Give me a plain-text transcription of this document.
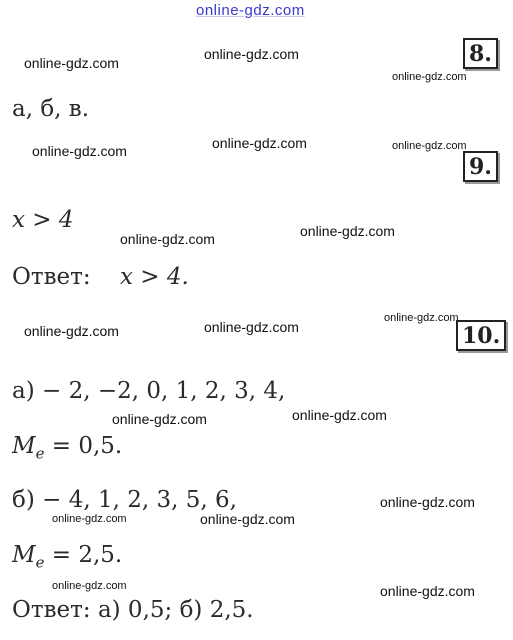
online-gdz.com
8.
online-gdz.com
online-gdz.com
online-gdz.com
а, б, в.
online-gdz.com	online-gdz.com	online-gdz.com
9.
x > 4
online-gdz.com	online-gdz.com
Ответ: x > 4.
online-gdz.com
10.
online-gdz.com	online-gdz.com
а) − 2, −2, 0, 1, 2, 3, 4,
online-gdz.com
online-gdz.com
$M_e = 0,5$.
б) − 4, 1, 2, 3, 5, 6,	online-gdz.com
online-gdz.com	online-gdz.com
$M_e = 2,5$.
online-gdz.com	online-gdz.com
Ответ: а) 0,5; б) 2,5.
